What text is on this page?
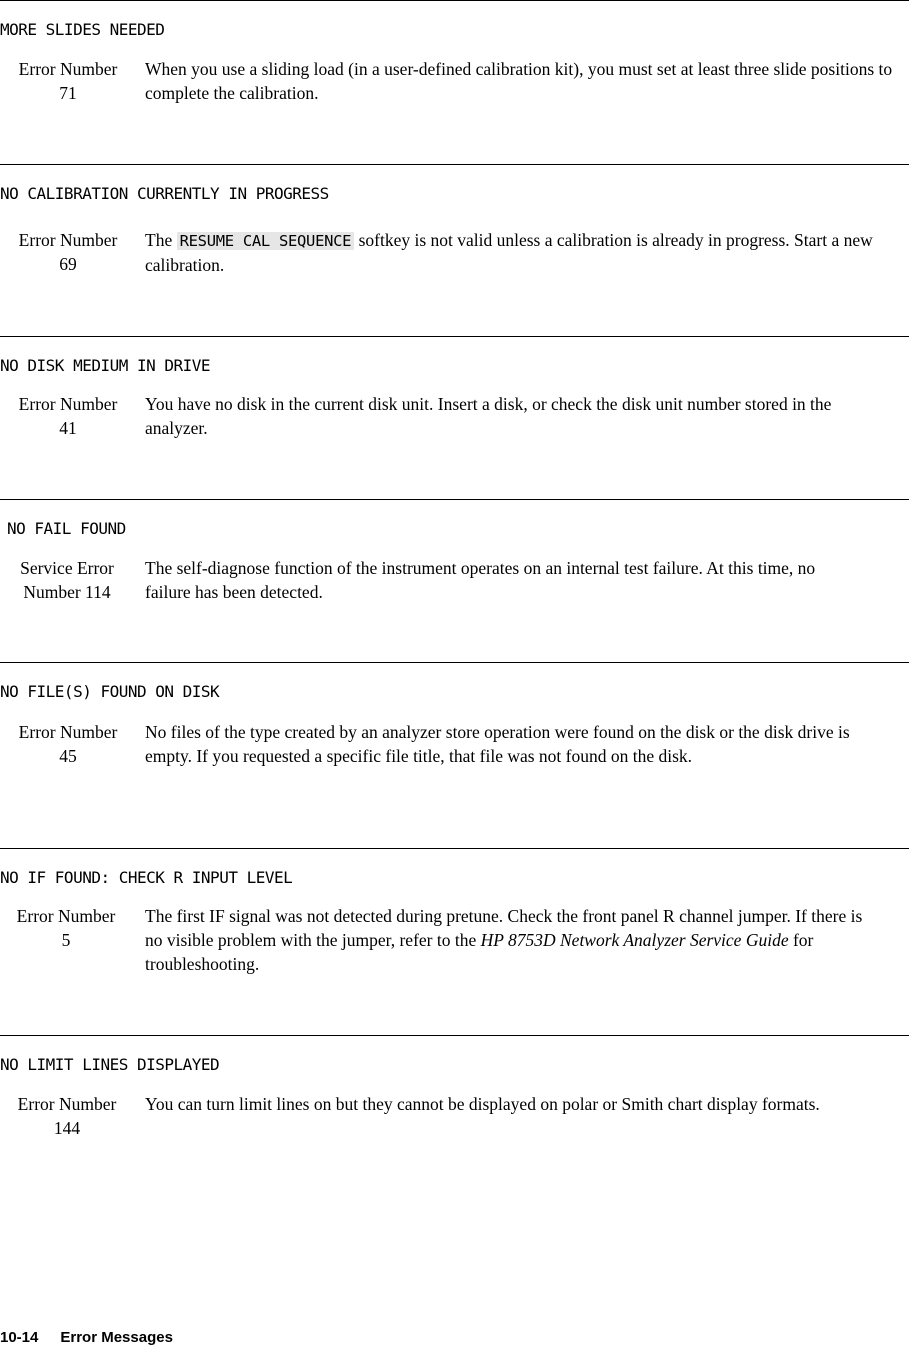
MORE SLIDES NEEDED
Error Number
71
When you use a sliding load (in a user-defined calibration kit), you must set at least three slide positions to complete the calibration.
NO CALIBRATION CURRENTLY IN PROGRESS
Error Number
69
The RESUME CAL SEQUENCE softkey is not valid unless a calibration is already in progress. Start a new calibration.
NO DISK MEDIUM IN DRIVE
Error Number
41
You have no disk in the current disk unit. Insert a disk, or check the disk unit number stored in the analyzer.
NO FAIL FOUND
Service Error
Number 114
The self-diagnose function of the instrument operates on an internal test failure. At this time, no failure has been detected.
NO FILE(S) FOUND ON DISK
Error Number
45
No files of the type created by an analyzer store operation were found on the disk or the disk drive is empty. If you requested a specific file title, that file was not found on the disk.
NO IF FOUND: CHECK R INPUT LEVEL
Error Number
5
The first IF signal was not detected during pretune. Check the front panel R channel jumper. If there is no visible problem with the jumper, refer to the HP 8753D Network Analyzer Service Guide for troubleshooting.
NO LIMIT LINES DISPLAYED
Error Number
144
You can turn limit lines on but they cannot be displayed on polar or Smith chart display formats.
10-14 Error Messages
